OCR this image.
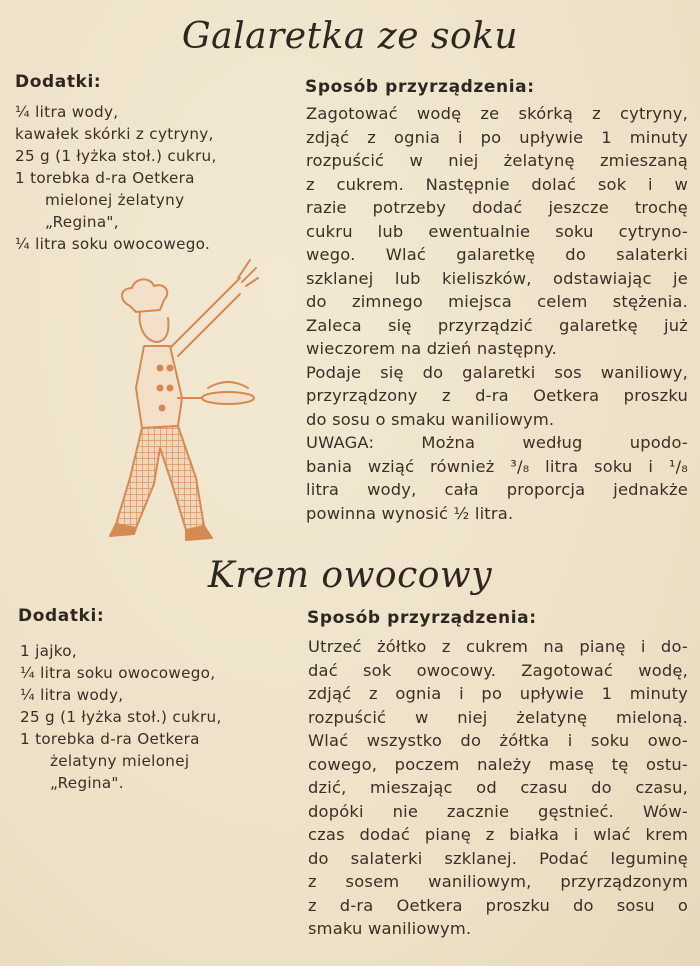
Galaretka ze soku
Dodatki:
¼ litra wody,
kawałek skórki z cytryny,
25 g (1 łyżka stoł.) cukru,
1 torebka d-ra Oetkera
mielonej żelatyny
„Regina",
¼ litra soku owocowego.
Sposób przyrządzenia:
Zagotować wodę ze skórką z cytryny,
zdjąć z ognia i po upływie 1 minuty
rozpuścić w niej żelatynę zmieszaną
z cukrem. Następnie dolać sok i w
razie potrzeby dodać jeszcze trochę
cukru lub ewentualnie soku cytryno-
wego. Wlać galaretkę do salaterki
szklanej lub kieliszków, odstawiając je
do zimnego miejsca celem stężenia.
Zaleca się przyrządzić galaretkę już
wieczorem na dzień następny.
Podaje się do galaretki sos waniliowy,
przyrządzony z d-ra Oetkera proszku
do sosu o smaku waniliowym.
UWAGA: Można według upodo-
bania wziąć również ³/₈ litra soku i ¹/₈
litra wody, cała proporcja jednakże
powinna wynosić ½ litra.
Krem owocowy
Dodatki:
1 jajko,
¼ litra soku owocowego,
¼ litra wody,
25 g (1 łyżka stoł.) cukru,
1 torebka d-ra Oetkera
żelatyny mielonej
„Regina".
Sposób przyrządzenia:
Utrzeć żółtko z cukrem na pianę i do-
dać sok owocowy. Zagotować wodę,
zdjąć z ognia i po upływie 1 minuty
rozpuścić w niej żelatynę mieloną.
Wlać wszystko do żółtka i soku owo-
cowego, poczem należy masę tę ostu-
dzić, mieszając od czasu do czasu,
dopóki nie zacznie gęstnieć. Wów-
czas dodać pianę z białka i wlać krem
do salaterki szklanej. Podać leguminę
z sosem waniliowym, przyrządzonym
z d-ra Oetkera proszku do sosu o
smaku waniliowym.
